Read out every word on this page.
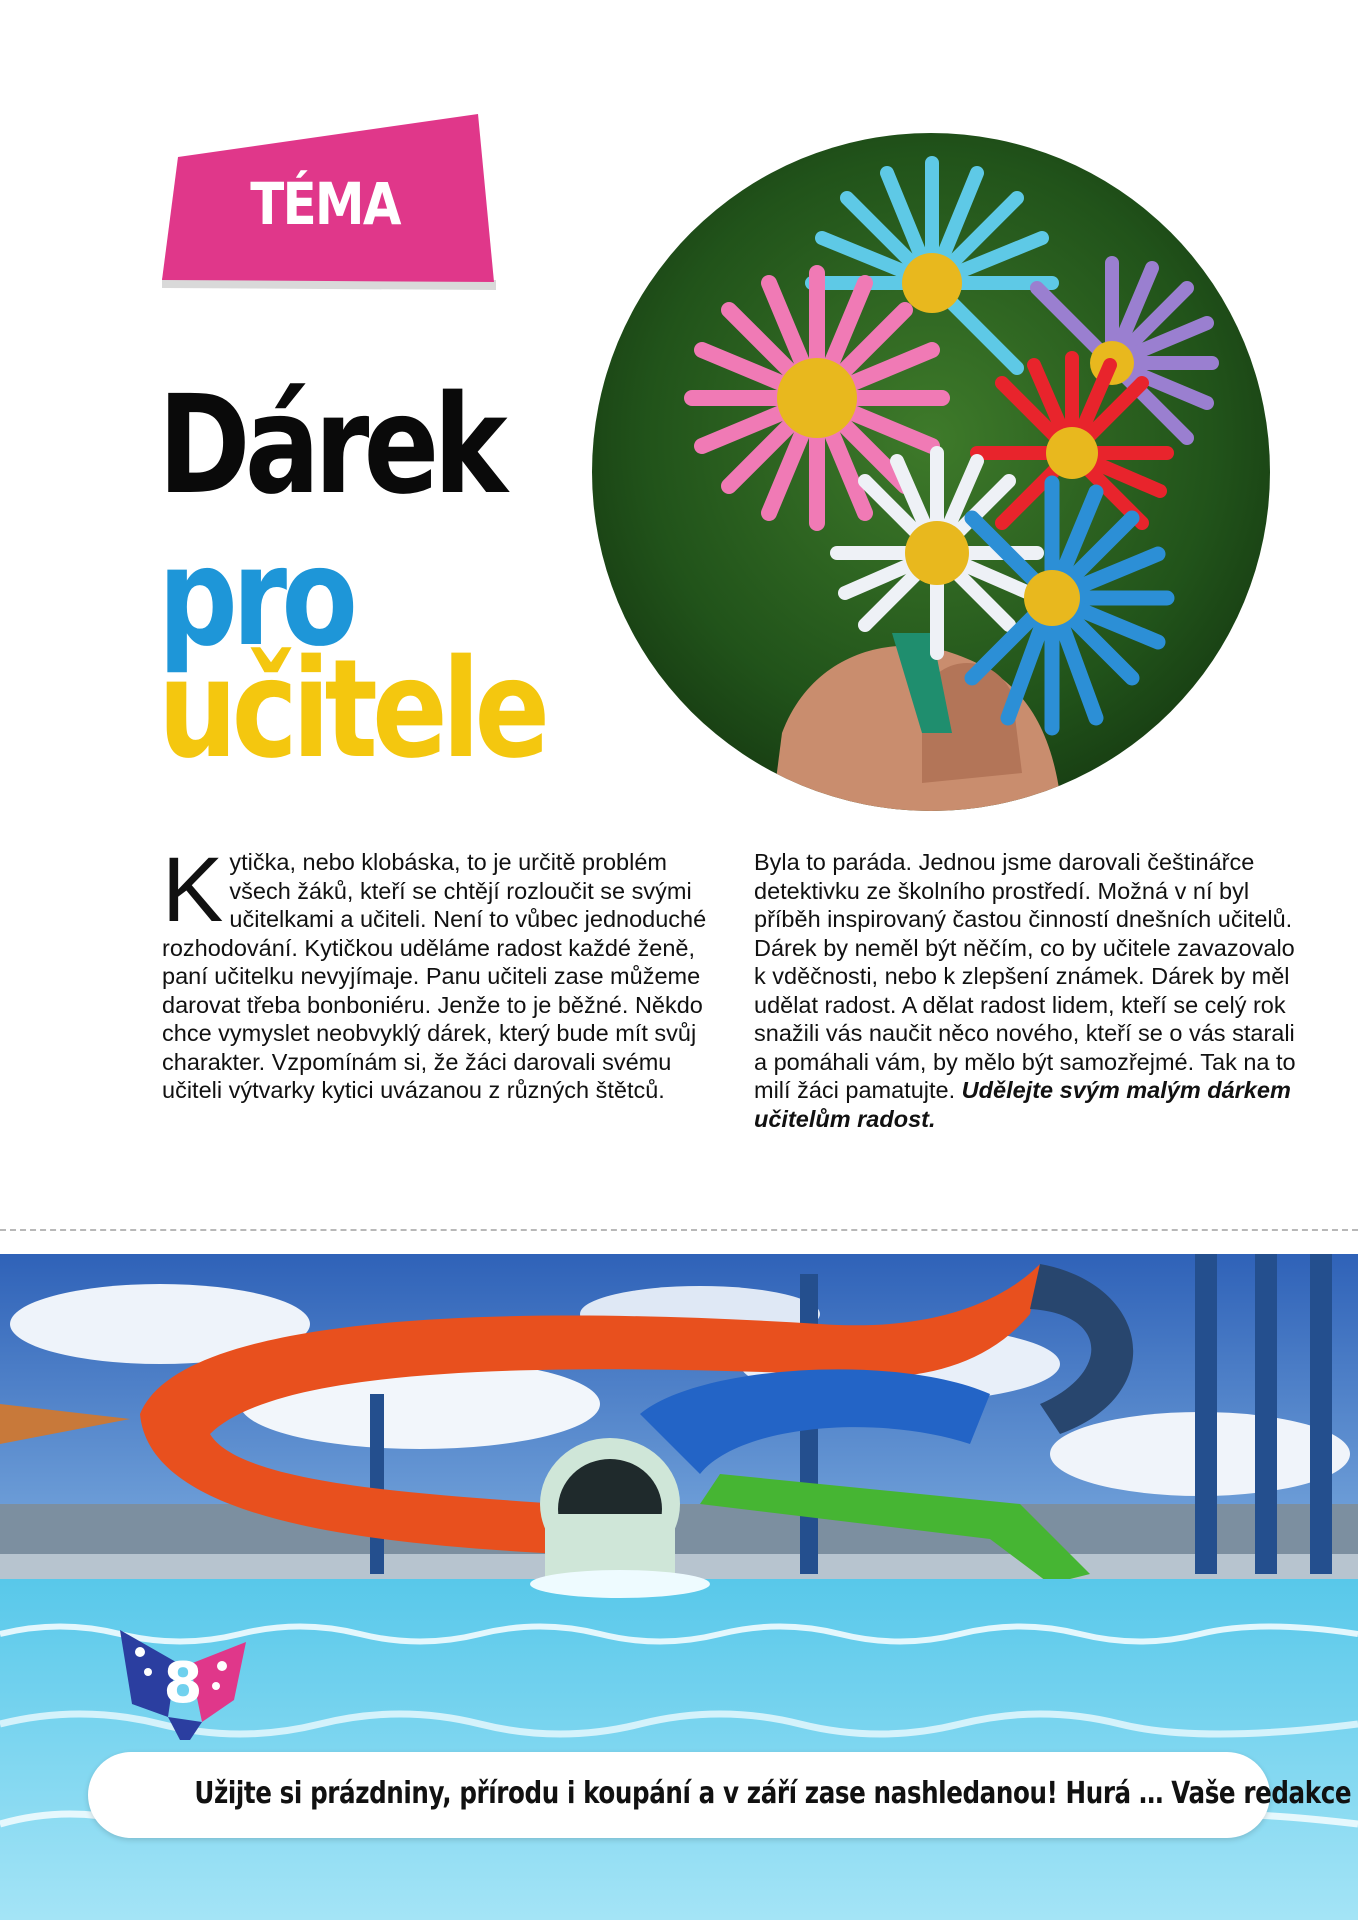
TÉMA
Dárek
pro
učitele
Kytička, nebo klobáska, to je určitě problém všech žáků, kteří se chtějí rozloučit se svými učitelkami a učiteli. Není to vůbec jednoduché rozhodování. Kytičkou uděláme radost každé ženě, paní učitelku nevyjímaje. Panu učiteli zase můžeme darovat třeba bonboniéru. Jenže to je běžné. Někdo chce vymyslet neobvyklý dárek, který bude mít svůj charakter. Vzpomínám si, že žáci darovali svému učiteli výtvarky kytici uvázanou z různých štětců.
Byla to paráda. Jednou jsme darovali češtinářce detektivku ze školního prostředí. Možná v ní byl příběh inspirovaný častou činností dnešních učitelů. Dárek by neměl být něčím, co by učitele zavazovalo k vděčnosti, nebo k zlepšení známek. Dárek by měl udělat radost. A dělat radost lidem, kteří se celý rok snažili vás naučit něco nového, kteří se o vás starali a pomáhali vám, by mělo být samozřejmé. Tak na to milí žáci pamatujte. Udělejte svým malým dárkem učitelům radost.
8
Užijte si prázdniny, přírodu i koupání a v září zase nashledanou! Hurá … Vaše redakce
